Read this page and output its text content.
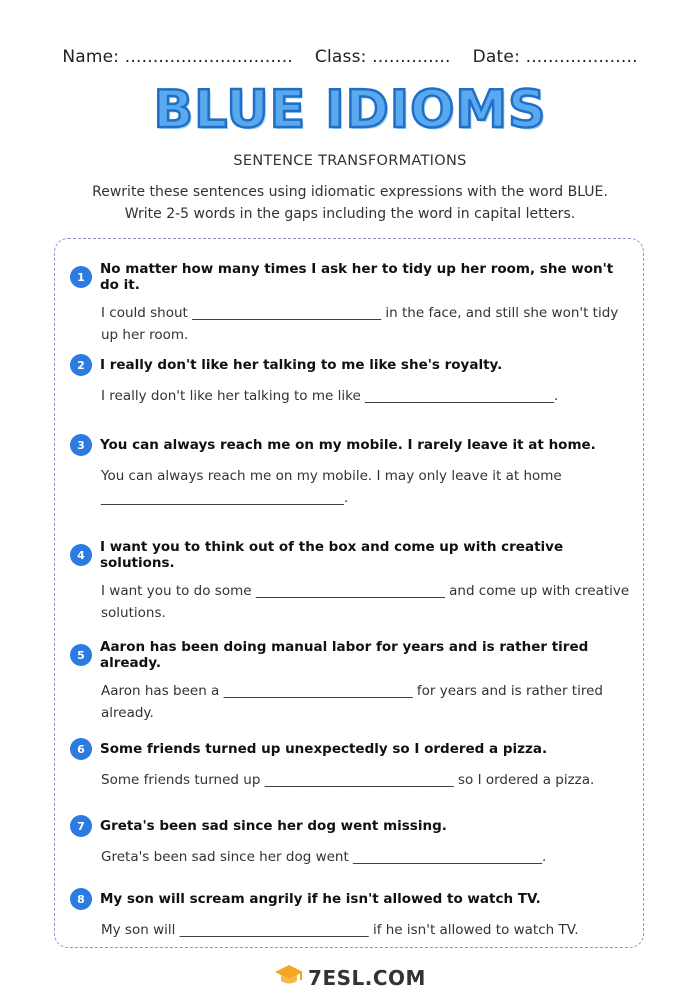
Name: .............................. Class: .............. Date: ....................
BLUE IDIOMS
SENTENCE TRANSFORMATIONS
Rewrite these sentences using idiomatic expressions with the word BLUE.
Write 2-5 words in the gaps including the word in capital letters.
1	No matter how many times I ask her to tidy up her room, she won't do it.
I could shout ____________________________ in the face, and still she won't tidy up her room.
2	I really don't like her talking to me like she's royalty.
I really don't like her talking to me like ____________________________.
3	You can always reach me on my mobile. I rarely leave it at home.
You can always reach me on my mobile. I may only leave it at home ____________________________________.
4	I want you to think out of the box and come up with creative solutions.
I want you to do some ____________________________ and come up with creative solutions.
5	Aaron has been doing manual labor for years and is rather tired already.
Aaron has been a ____________________________ for years and is rather tired already.
6	Some friends turned up unexpectedly so I ordered a pizza.
Some friends turned up ____________________________ so I ordered a pizza.
7	Greta's been sad since her dog went missing.
Greta's been sad since her dog went ____________________________.
8	My son will scream angrily if he isn't allowed to watch TV.
My son will ____________________________ if he isn't allowed to watch TV.
7ESL.COM
